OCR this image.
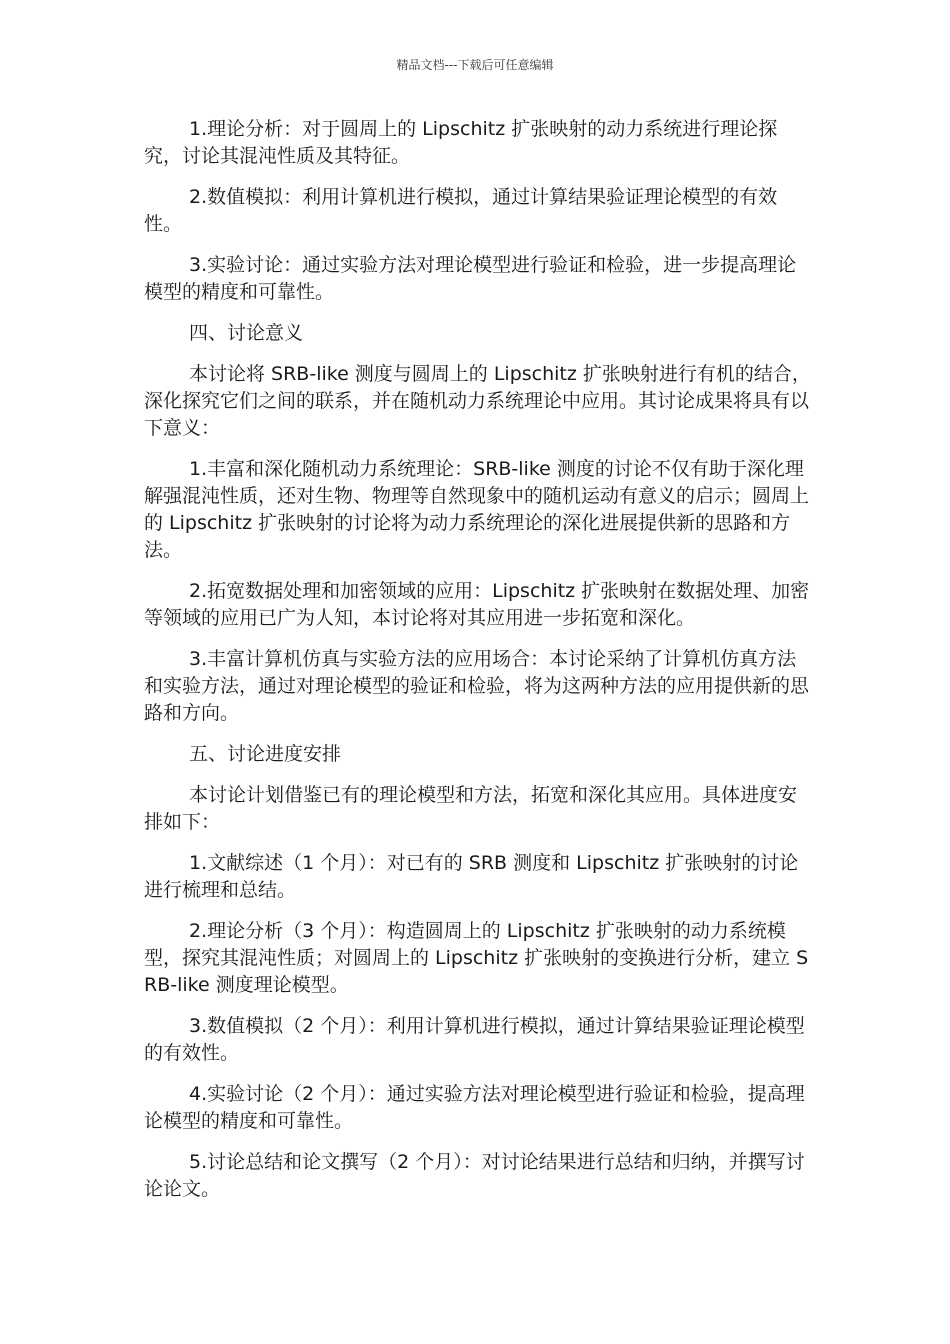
精品文档---下载后可任意编辑

1.理论分析：对于圆周上的 Lipschitz 扩张映射的动力系统进行理论探究，讨论其混沌性质及其特征。

2.数值模拟：利用计算机进行模拟，通过计算结果验证理论模型的有效性。

3.实验讨论：通过实验方法对理论模型进行验证和检验，进一步提高理论模型的精度和可靠性。

四、讨论意义

本讨论将 SRB-like 测度与圆周上的 Lipschitz 扩张映射进行有机的结合，深化探究它们之间的联系，并在随机动力系统理论中应用。其讨论成果将具有以下意义：

1.丰富和深化随机动力系统理论：SRB-like 测度的讨论不仅有助于深化理解强混沌性质，还对生物、物理等自然现象中的随机运动有意义的启示；圆周上的 Lipschitz 扩张映射的讨论将为动力系统理论的深化进展提供新的思路和方法。

2.拓宽数据处理和加密领域的应用：Lipschitz 扩张映射在数据处理、加密等领域的应用已广为人知，本讨论将对其应用进一步拓宽和深化。

3.丰富计算机仿真与实验方法的应用场合：本讨论采纳了计算机仿真方法和实验方法，通过对理论模型的验证和检验，将为这两种方法的应用提供新的思路和方向。

五、讨论进度安排

本讨论计划借鉴已有的理论模型和方法，拓宽和深化其应用。具体进度安排如下：

1.文献综述（1 个月）：对已有的 SRB 测度和 Lipschitz 扩张映射的讨论进行梳理和总结。

2.理论分析（3 个月）：构造圆周上的 Lipschitz 扩张映射的动力系统模型，探究其混沌性质；对圆周上的 Lipschitz 扩张映射的变换进行分析，建立 SRB-like 测度理论模型。

3.数值模拟（2 个月）：利用计算机进行模拟，通过计算结果验证理论模型的有效性。

4.实验讨论（2 个月）：通过实验方法对理论模型进行验证和检验，提高理论模型的精度和可靠性。

5.讨论总结和论文撰写（2 个月）：对讨论结果进行总结和归纳，并撰写讨论论文。
